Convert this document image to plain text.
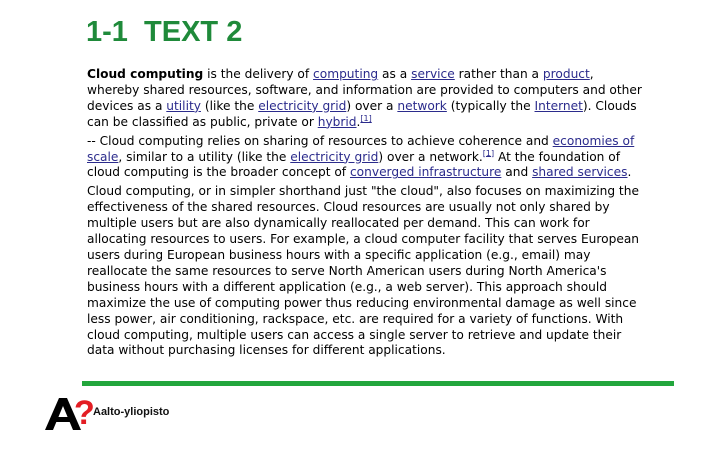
1-1  TEXT 2

Cloud computing is the delivery of computing as a service rather than a product, whereby shared resources, software, and information are provided to computers and other devices as a utility (like the electricity grid) over a network (typically the Internet). Clouds can be classified as public, private or hybrid.[1]

-- Cloud computing relies on sharing of resources to achieve coherence and economies of scale, similar to a utility (like the electricity grid) over a network.[1] At the foundation of cloud computing is the broader concept of converged infrastructure and shared services.

Cloud computing, or in simpler shorthand just "the cloud", also focuses on maximizing the effectiveness of the shared resources. Cloud resources are usually not only shared by multiple users but are also dynamically reallocated per demand. This can work for allocating resources to users. For example, a cloud computer facility that serves European users during European business hours with a specific application (e.g., email) may reallocate the same resources to serve North American users during North America's business hours with a different application (e.g., a web server). This approach should maximize the use of computing power thus reducing environmental damage as well since less power, air conditioning, rackspace, etc. are required for a variety of functions. With cloud computing, multiple users can access a single server to retrieve and update their data without purchasing licenses for different applications.

?
Aalto-yliopisto
